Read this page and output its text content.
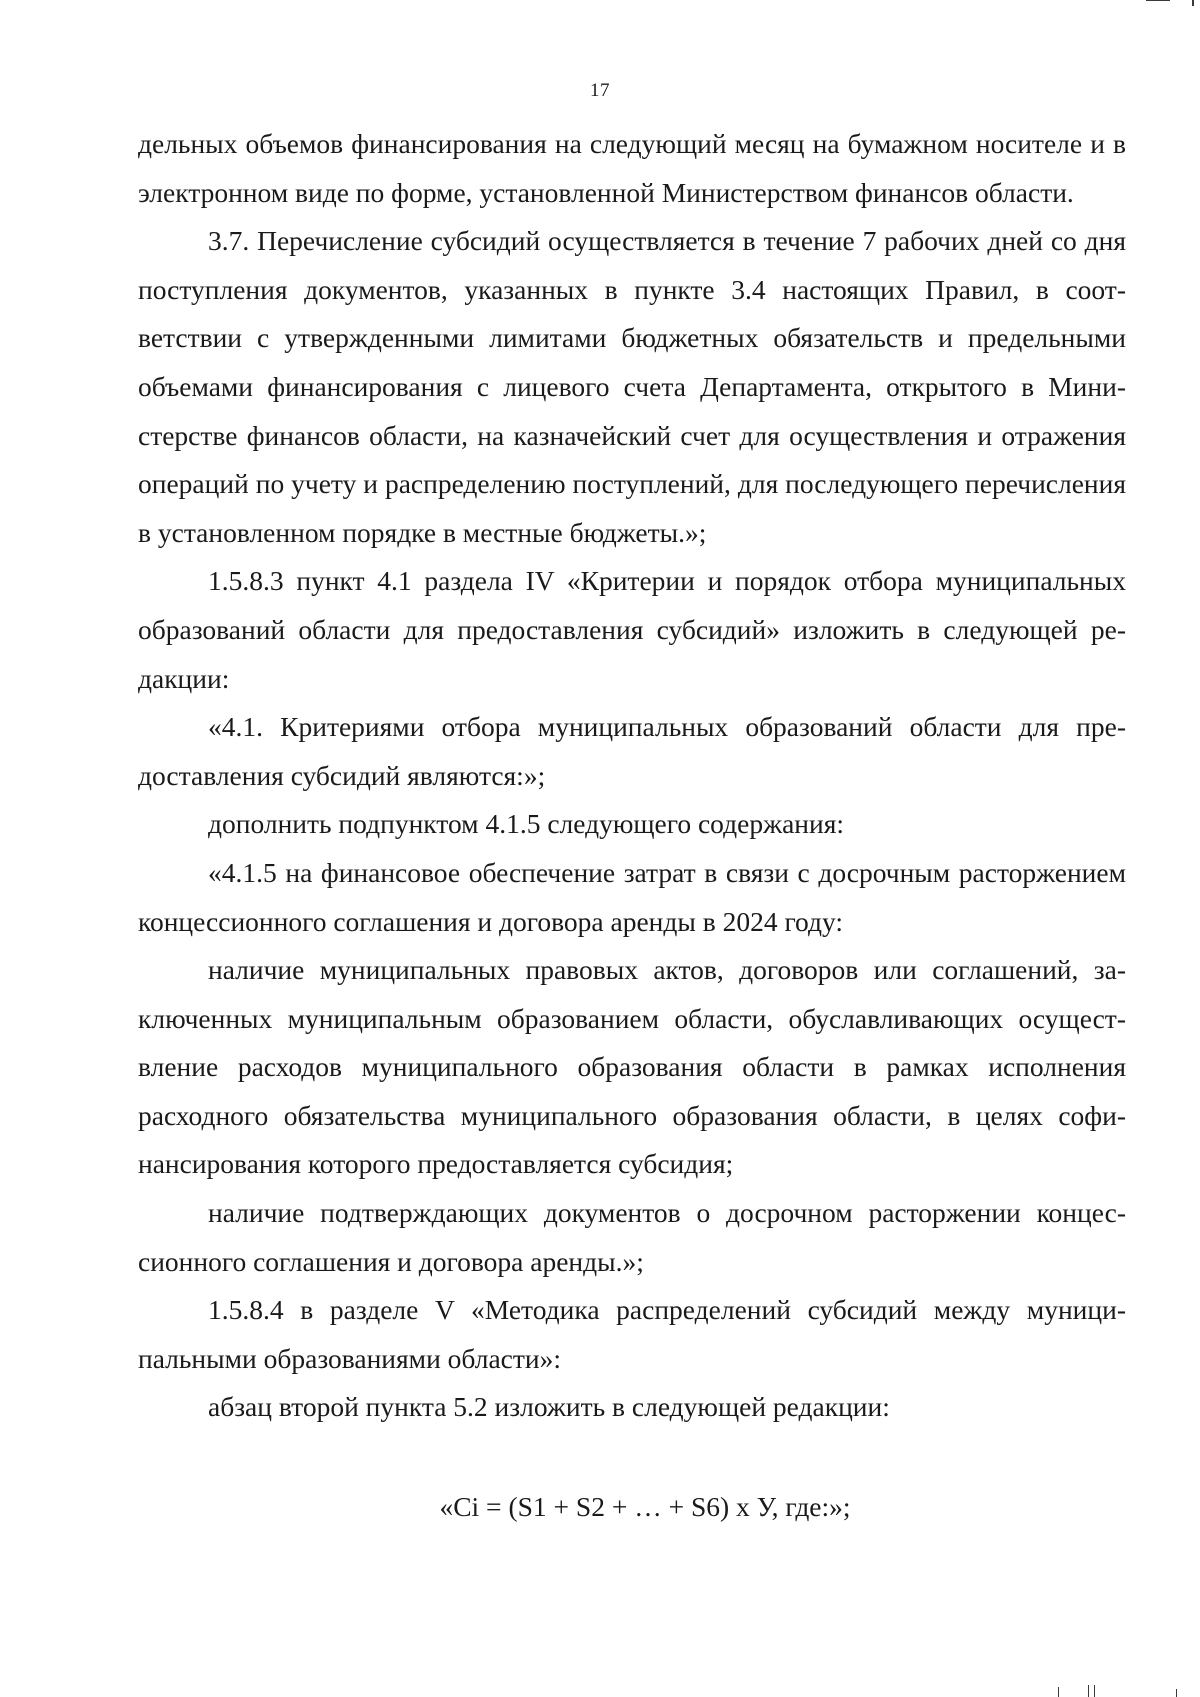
17

дельных объемов финансирования на следующий месяц на бумажном носителе и в электронном виде по форме, установленной Министерством финансов области.

3.7. Перечисление субсидий осуществляется в течение 7 рабочих дней со дня поступления документов, указанных в пункте 3.4 настоящих Правил, в соответствии с утвержденными лимитами бюджетных обязательств и предельными объемами финансирования с лицевого счета Департамента, открытого в Министерстве финансов области, на казначейский счет для осуществления и отражения операций по учету и распределению поступлений, для последующего перечисления в установленном порядке в местные бюджеты.»;

1.5.8.3 пункт 4.1 раздела IV «Критерии и порядок отбора муниципальных образований области для предоставления субсидий» изложить в следующей редакции:

«4.1. Критериями отбора муниципальных образований области для предоставления субсидий являются:»;

дополнить подпунктом 4.1.5 следующего содержания:

«4.1.5 на финансовое обеспечение затрат в связи с досрочным расторжением концессионного соглашения и договора аренды в 2024 году:

наличие муниципальных правовых актов, договоров или соглашений, заключенных муниципальным образованием области, обуславливающих осуществление расходов муниципального образования области в рамках исполнения расходного обязательства муниципального образования области, в целях софинансирования которого предоставляется субсидия;

наличие подтверждающих документов о досрочном расторжении концессионного соглашения и договора аренды.»;

1.5.8.4 в разделе V «Методика распределений субсидий между муниципальными образованиями области»:

абзац второй пункта 5.2 изложить в следующей редакции:

«Ci = (S1 + S2 + … + S6) х У, где:»;
